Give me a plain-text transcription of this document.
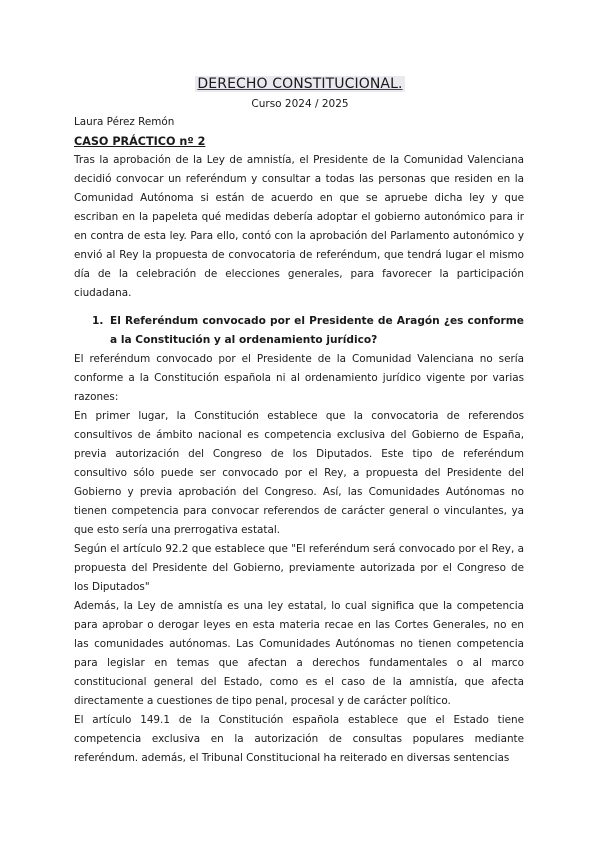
DERECHO CONSTITUCIONAL.
Curso 2024 / 2025

Laura Pérez Remón

CASO PRÁCTICO nº 2

Tras la aprobación de la Ley de amnistía, el Presidente de la Comunidad Valenciana decidió convocar un referéndum y consultar a todas las personas que residen en la Comunidad Autónoma si están de acuerdo en que se apruebe dicha ley y que escriban en la papeleta qué medidas debería adoptar el gobierno autonómico para ir en contra de esta ley. Para ello, contó con la aprobación del Parlamento autonómico y envió al Rey la propuesta de convocatoria de referéndum, que tendrá lugar el mismo día de la celebración de elecciones generales, para favorecer la participación ciudadana.

1. El Referéndum convocado por el Presidente de Aragón ¿es conforme a la Constitución y al ordenamiento jurídico?

El referéndum convocado por el Presidente de la Comunidad Valenciana no sería conforme a la Constitución española ni al ordenamiento jurídico vigente por varias razones:

En primer lugar, la Constitución establece que la convocatoria de referendos consultivos de ámbito nacional es competencia exclusiva del Gobierno de España, previa autorización del Congreso de los Diputados. Este tipo de referéndum consultivo sólo puede ser convocado por el Rey, a propuesta del Presidente del Gobierno y previa aprobación del Congreso. Así, las Comunidades Autónomas no tienen competencia para convocar referendos de carácter general o vinculantes, ya que esto sería una prerrogativa estatal.

Según el artículo 92.2 que establece que "El referéndum será convocado por el Rey, a propuesta del Presidente del Gobierno, previamente autorizada por el Congreso de los Diputados"

Además, la Ley de amnistía es una ley estatal, lo cual significa que la competencia para aprobar o derogar leyes en esta materia recae en las Cortes Generales, no en las comunidades autónomas. Las Comunidades Autónomas no tienen competencia para legislar en temas que afectan a derechos fundamentales o al marco constitucional general del Estado, como es el caso de la amnistía, que afecta directamente a cuestiones de tipo penal, procesal y de carácter político.

El artículo 149.1 de la Constitución española establece que el Estado tiene competencia exclusiva en la autorización de consultas populares mediante referéndum. además, el Tribunal Constitucional ha reiterado en diversas sentencias
